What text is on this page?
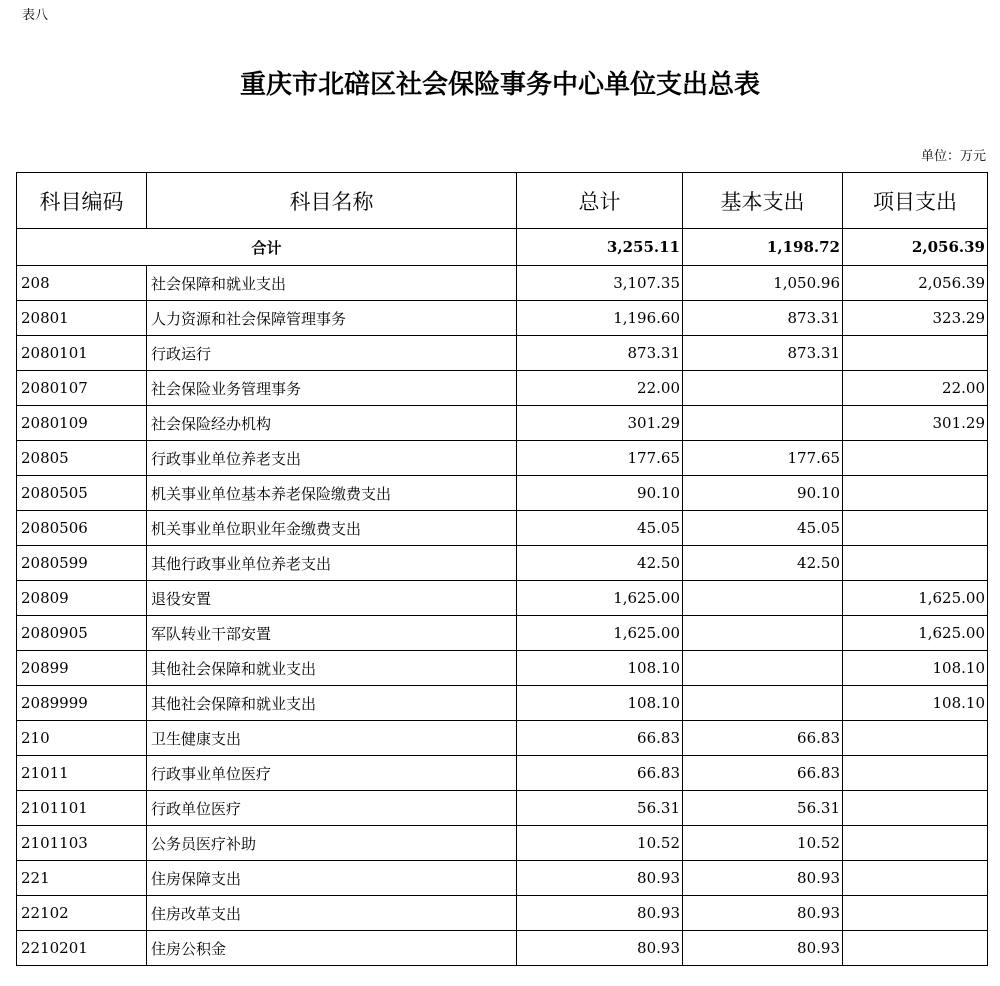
表八
重庆市北碚区社会保险事务中心单位支出总表
单位：万元
科目编码	科目名称	总计	基本支出	项目支出
合计		3,255.11	1,198.72	2,056.39
208	社会保障和就业支出	3,107.35	1,050.96	2,056.39
20801	人力资源和社会保障管理事务	1,196.60	873.31	323.29
2080101	行政运行	873.31	873.31	
2080107	社会保险业务管理事务	22.00		22.00
2080109	社会保险经办机构	301.29		301.29
20805	行政事业单位养老支出	177.65	177.65	
2080505	机关事业单位基本养老保险缴费支出	90.10	90.10	
2080506	机关事业单位职业年金缴费支出	45.05	45.05	
2080599	其他行政事业单位养老支出	42.50	42.50	
20809	退役安置	1,625.00		1,625.00
2080905	军队转业干部安置	1,625.00		1,625.00
20899	其他社会保障和就业支出	108.10		108.10
2089999	其他社会保障和就业支出	108.10		108.10
210	卫生健康支出	66.83	66.83	
21011	行政事业单位医疗	66.83	66.83	
2101101	行政单位医疗	56.31	56.31	
2101103	公务员医疗补助	10.52	10.52	
221	住房保障支出	80.93	80.93	
22102	住房改革支出	80.93	80.93	
2210201	住房公积金	80.93	80.93	
